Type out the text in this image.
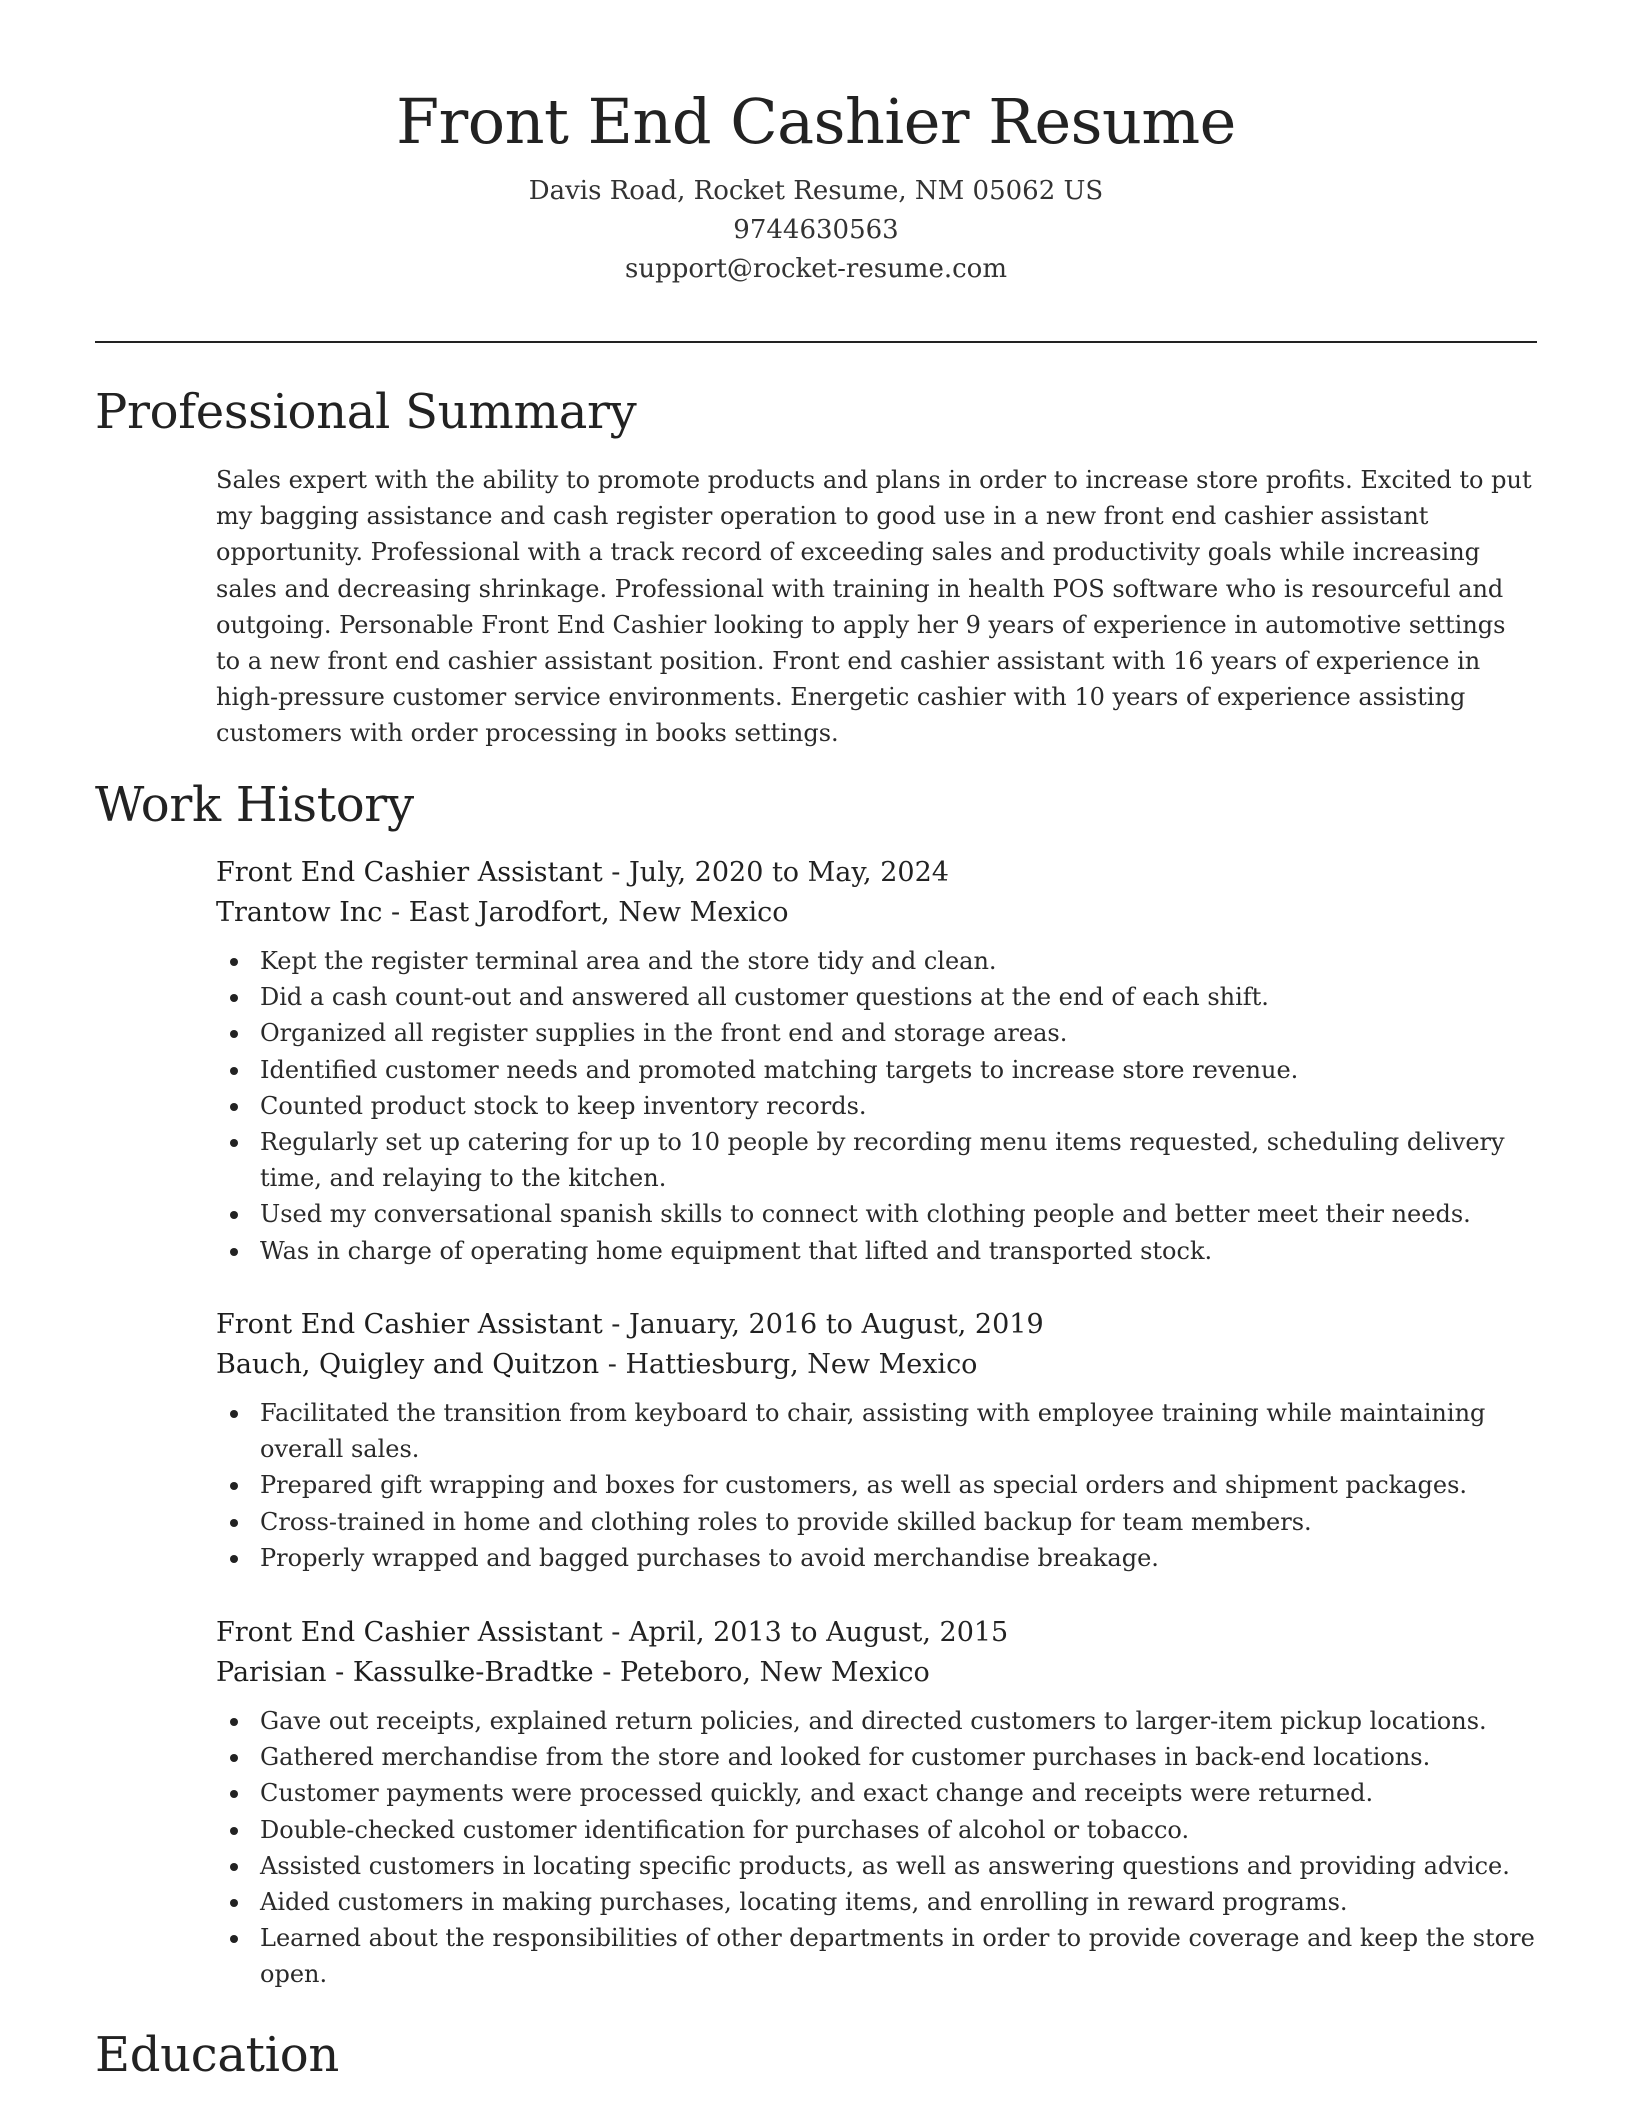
Front End Cashier Resume
Davis Road, Rocket Resume, NM 05062 US
9744630563
support@rocket-resume.com
Professional Summary

Sales expert with the ability to promote products and plans in order to increase store profits. Excited to put my bagging assistance and cash register operation to good use in a new front end cashier assistant opportunity. Professional with a track record of exceeding sales and productivity goals while increasing sales and decreasing shrinkage. Professional with training in health POS software who is resourceful and outgoing. Personable Front End Cashier looking to apply her 9 years of experience in automotive settings to a new front end cashier assistant position. Front end cashier assistant with 16 years of experience in high-pressure customer service environments. Energetic cashier with 10 years of experience assisting customers with order processing in books settings.

Work History

Front End Cashier Assistant - July, 2020 to May, 2024

Trantow Inc - East Jarodfort, New Mexico

Kept the register terminal area and the store tidy and clean.
Did a cash count-out and answered all customer questions at the end of each shift.
Organized all register supplies in the front end and storage areas.
Identified customer needs and promoted matching targets to increase store revenue.
Counted product stock to keep inventory records.
Regularly set up catering for up to 10 people by recording menu items requested, scheduling delivery time, and relaying to the kitchen.
Used my conversational spanish skills to connect with clothing people and better meet their needs.
Was in charge of operating home equipment that lifted and transported stock.

Front End Cashier Assistant - January, 2016 to August, 2019

Bauch, Quigley and Quitzon - Hattiesburg, New Mexico

Facilitated the transition from keyboard to chair, assisting with employee training while maintaining overall sales.
Prepared gift wrapping and boxes for customers, as well as special orders and shipment packages.
Cross-trained in home and clothing roles to provide skilled backup for team members.
Properly wrapped and bagged purchases to avoid merchandise breakage.

Front End Cashier Assistant - April, 2013 to August, 2015

Parisian - Kassulke-Bradtke - Peteboro, New Mexico

Gave out receipts, explained return policies, and directed customers to larger-item pickup locations.
Gathered merchandise from the store and looked for customer purchases in back-end locations.
Customer payments were processed quickly, and exact change and receipts were returned.
Double-checked customer identification for purchases of alcohol or tobacco.
Assisted customers in locating specific products, as well as answering questions and providing advice.
Aided customers in making purchases, locating items, and enrolling in reward programs.
Learned about the responsibilities of other departments in order to provide coverage and keep the store open.
Education
